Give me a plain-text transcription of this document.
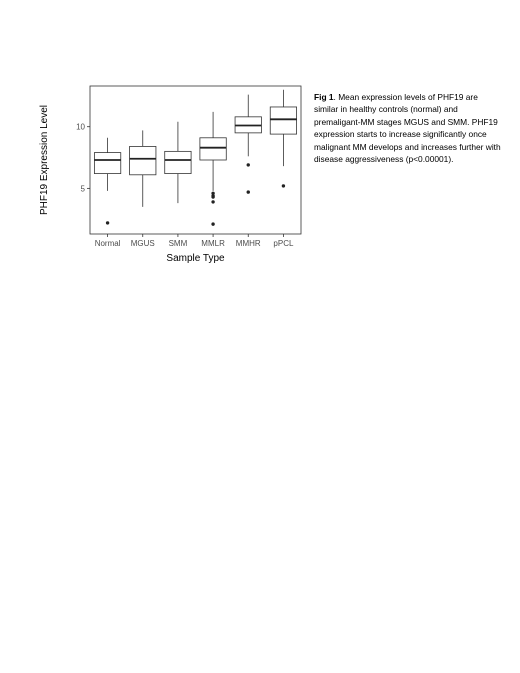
5
10
Normal MGUS SMM MMLR MMHR pPCL
Sample Type
PHF19 Expression Level
Fig 1. Mean expression levels of PHF19 are similar in healthy controls (normal) and premaligant-MM stages MGUS and SMM. PHF19 expression starts to increase significantly once malignant MM develops and increases further with disease aggressiveness (p<0.00001).
